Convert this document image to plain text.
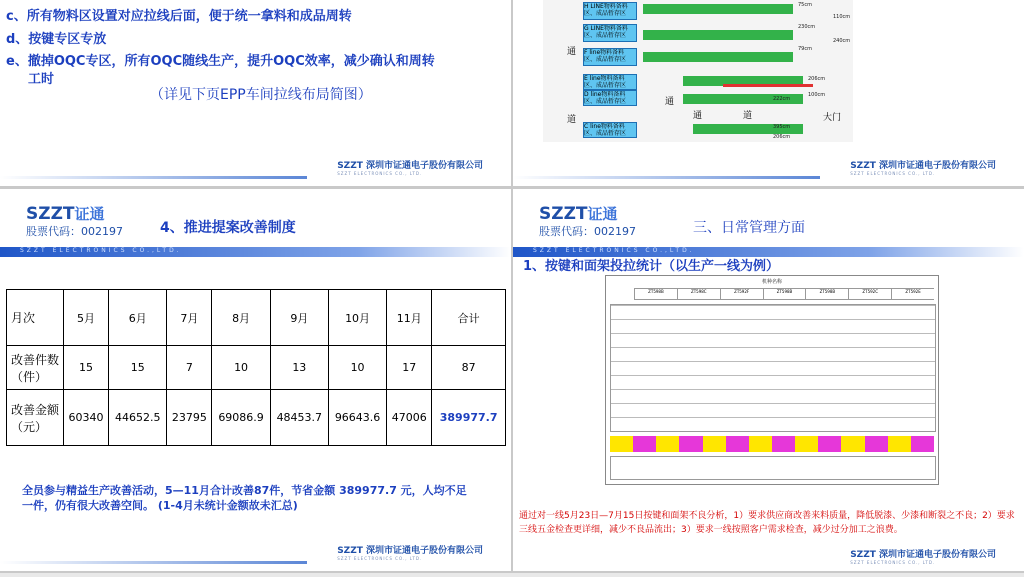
c、所有物料区设置对应拉线后面，便于统一拿料和成品周转
d、按键专区专放
e、撤掉OQC专区，所有OQC随线生产，提升OQC效率，减少确认和周转
工时
（详见下页EPP车间拉线布局简图）
SZZT 深圳市证通电子股份有限公司
SZZT ELECTRONICS CO., LTD.
H LINE物料备料区、成品暂存区
G LINE物料备料区、成品暂存区
F line物料备料区、成品暂存区
E line物料备料区、成品暂存区
D line物料备料区、成品暂存区
C line物料备料区、成品暂存区
通
道
通
通	道	大门
75cm
110cm
230cm
240cm
79cm
206cm
222cm
100cm
395cm
206cm
SZZT 深圳市证通电子股份有限公司
SZZT ELECTRONICS CO., LTD.
SZZT证通
股票代码：002197	4、推进提案改善制度
SZZT ELECTRONICS CO.,LTD.
月次	5月	6月	7月	8月	9月	10月	11月	合计
改善件数（件）	15	15	7	10	13	10	17	87
改善金额（元）	60340	44652.5	23795	69086.9	48453.7	96643.6	47006	389977.7
全员参与精益生产改善活动，5—11月合计改善87件，节省金额 389977.7 元，人均不足一件，仍有很大改善空间。 (1-4月未统计金额故未汇总)
SZZT 深圳市证通电子股份有限公司
SZZT ELECTRONICS CO., LTD.
SZZT证通
股票代码：002197	三、日常管理方面
SZZT ELECTRONICS CO.,LTD.
1、按键和面架投拉统计（以生产一线为例）
机种名称
ZT598B	ZT598C	ZT592F	ZT598B	ZT598B	ZT592C	ZT592E
通过对一线5月23日—7月15日按键和面架不良分析，1）要求供应商改善来料质量，降低脱漆、少漆和断裂之不良；2）要求三线五金检查更详细，减少不良品流出；3）要求一线按照客户需求检查，减少过分加工之浪费。
SZZT 深圳市证通电子股份有限公司
SZZT ELECTRONICS CO., LTD.
